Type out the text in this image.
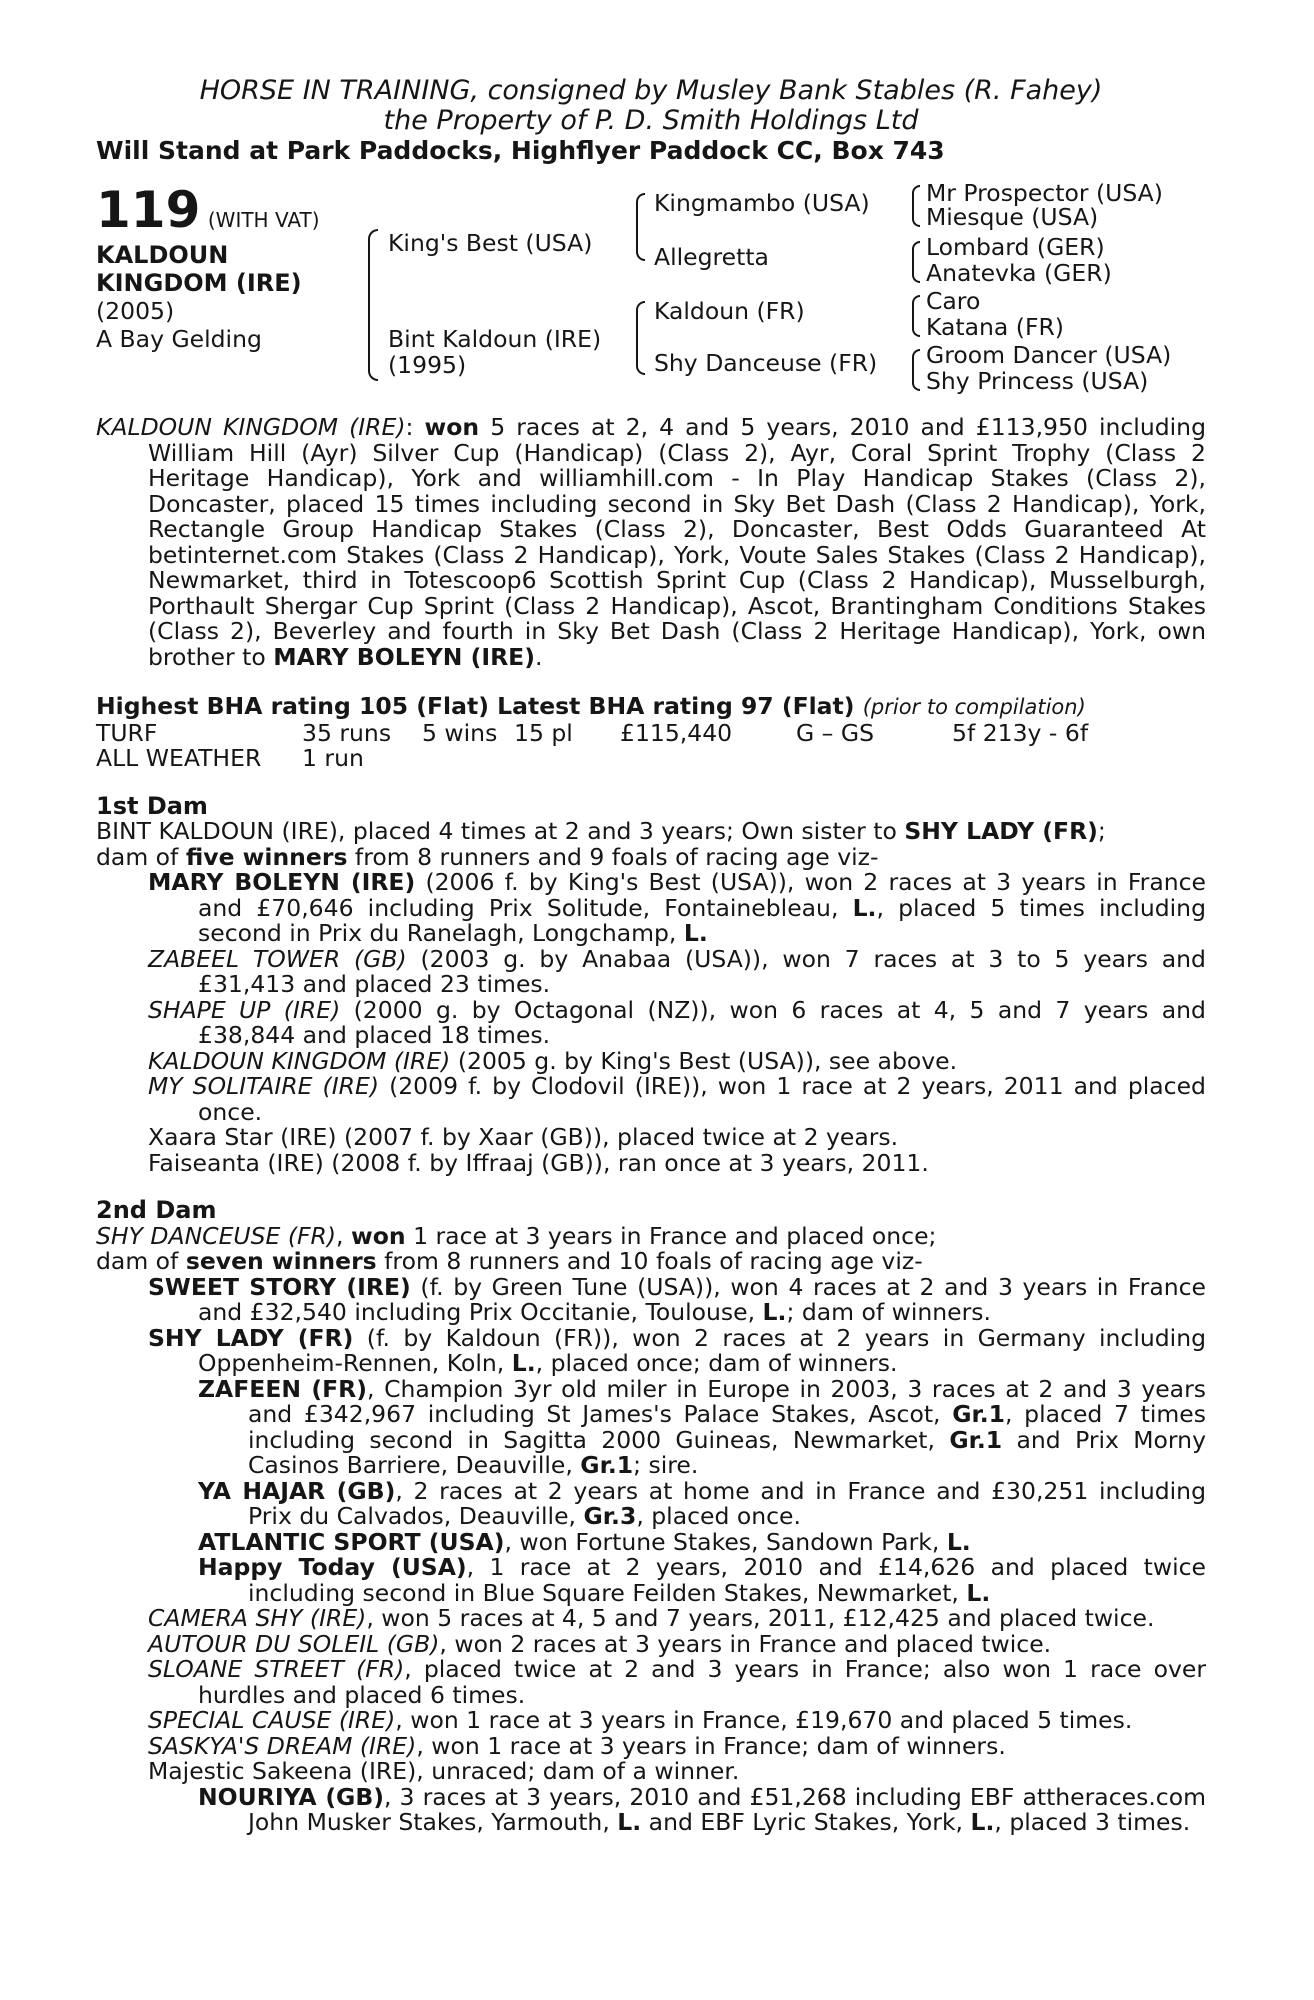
HORSE IN TRAINING, consigned by Musley Bank Stables (R. Fahey)
the Property of P. D. Smith Holdings Ltd
Will Stand at Park Paddocks, Highflyer Paddock CC, Box 743
119 (WITH VAT)
KALDOUN
KINGDOM (IRE)
(2005)
A Bay Gelding
King's Best (USA)
Bint Kaldoun (IRE)
(1995)
Kingmambo (USA)
Allegretta
Kaldoun (FR)
Shy Danceuse (FR)
Mr Prospector (USA)
Miesque (USA)
Lombard (GER)
Anatevka (GER)
Caro
Katana (FR)
Groom Dancer (USA)
Shy Princess (USA)
KALDOUN KINGDOM (IRE): won 5 races at 2, 4 and 5 years, 2010 and £113,950 including William Hill (Ayr) Silver Cup (Handicap) (Class 2), Ayr, Coral Sprint Trophy (Class 2 Heritage Handicap), York and williamhill.com - In Play Handicap Stakes (Class 2), Doncaster, placed 15 times including second in Sky Bet Dash (Class 2 Handicap), York, Rectangle Group Handicap Stakes (Class 2), Doncaster, Best Odds Guaranteed At betinternet.com Stakes (Class 2 Handicap), York, Voute Sales Stakes (Class 2 Handicap), Newmarket, third in Totescoop6 Scottish Sprint Cup (Class 2 Handicap), Musselburgh, Porthault Shergar Cup Sprint (Class 2 Handicap), Ascot, Brantingham Conditions Stakes (Class 2), Beverley and fourth in Sky Bet Dash (Class 2 Heritage Handicap), York, own brother to MARY BOLEYN (IRE).
Highest BHA rating 105 (Flat) Latest BHA rating 97 (Flat) (prior to compilation)
TURF	35 runs	5 wins 15 pl	£115,440	G – GS	5f 213y - 6f
ALL WEATHER	1 run
1st Dam
BINT KALDOUN (IRE), placed 4 times at 2 and 3 years; Own sister to SHY LADY (FR);
dam of five winners from 8 runners and 9 foals of racing age viz-
MARY BOLEYN (IRE) (2006 f. by King's Best (USA)), won 2 races at 3 years in France and £70,646 including Prix Solitude, Fontainebleau, L., placed 5 times including second in Prix du Ranelagh, Longchamp, L.
ZABEEL TOWER (GB) (2003 g. by Anabaa (USA)), won 7 races at 3 to 5 years and £31,413 and placed 23 times.
SHAPE UP (IRE) (2000 g. by Octagonal (NZ)), won 6 races at 4, 5 and 7 years and £38,844 and placed 18 times.
KALDOUN KINGDOM (IRE) (2005 g. by King's Best (USA)), see above.
MY SOLITAIRE (IRE) (2009 f. by Clodovil (IRE)), won 1 race at 2 years, 2011 and placed once.
Xaara Star (IRE) (2007 f. by Xaar (GB)), placed twice at 2 years.
Faiseanta (IRE) (2008 f. by Iffraaj (GB)), ran once at 3 years, 2011.
2nd Dam
SHY DANCEUSE (FR), won 1 race at 3 years in France and placed once;
dam of seven winners from 8 runners and 10 foals of racing age viz-
SWEET STORY (IRE) (f. by Green Tune (USA)), won 4 races at 2 and 3 years in France and £32,540 including Prix Occitanie, Toulouse, L.; dam of winners.
SHY LADY (FR) (f. by Kaldoun (FR)), won 2 races at 2 years in Germany including Oppenheim-Rennen, Koln, L., placed once; dam of winners.
ZAFEEN (FR), Champion 3yr old miler in Europe in 2003, 3 races at 2 and 3 years and £342,967 including St James's Palace Stakes, Ascot, Gr.1, placed 7 times including second in Sagitta 2000 Guineas, Newmarket, Gr.1 and Prix Morny Casinos Barriere, Deauville, Gr.1; sire.
YA HAJAR (GB), 2 races at 2 years at home and in France and £30,251 including Prix du Calvados, Deauville, Gr.3, placed once.
ATLANTIC SPORT (USA), won Fortune Stakes, Sandown Park, L.
Happy Today (USA), 1 race at 2 years, 2010 and £14,626 and placed twice including second in Blue Square Feilden Stakes, Newmarket, L.
CAMERA SHY (IRE), won 5 races at 4, 5 and 7 years, 2011, £12,425 and placed twice.
AUTOUR DU SOLEIL (GB), won 2 races at 3 years in France and placed twice.
SLOANE STREET (FR), placed twice at 2 and 3 years in France; also won 1 race over hurdles and placed 6 times.
SPECIAL CAUSE (IRE), won 1 race at 3 years in France, £19,670 and placed 5 times.
SASKYA'S DREAM (IRE), won 1 race at 3 years in France; dam of winners.
Majestic Sakeena (IRE), unraced; dam of a winner.
NOURIYA (GB), 3 races at 3 years, 2010 and £51,268 including EBF attheraces.com John Musker Stakes, Yarmouth, L. and EBF Lyric Stakes, York, L., placed 3 times.
